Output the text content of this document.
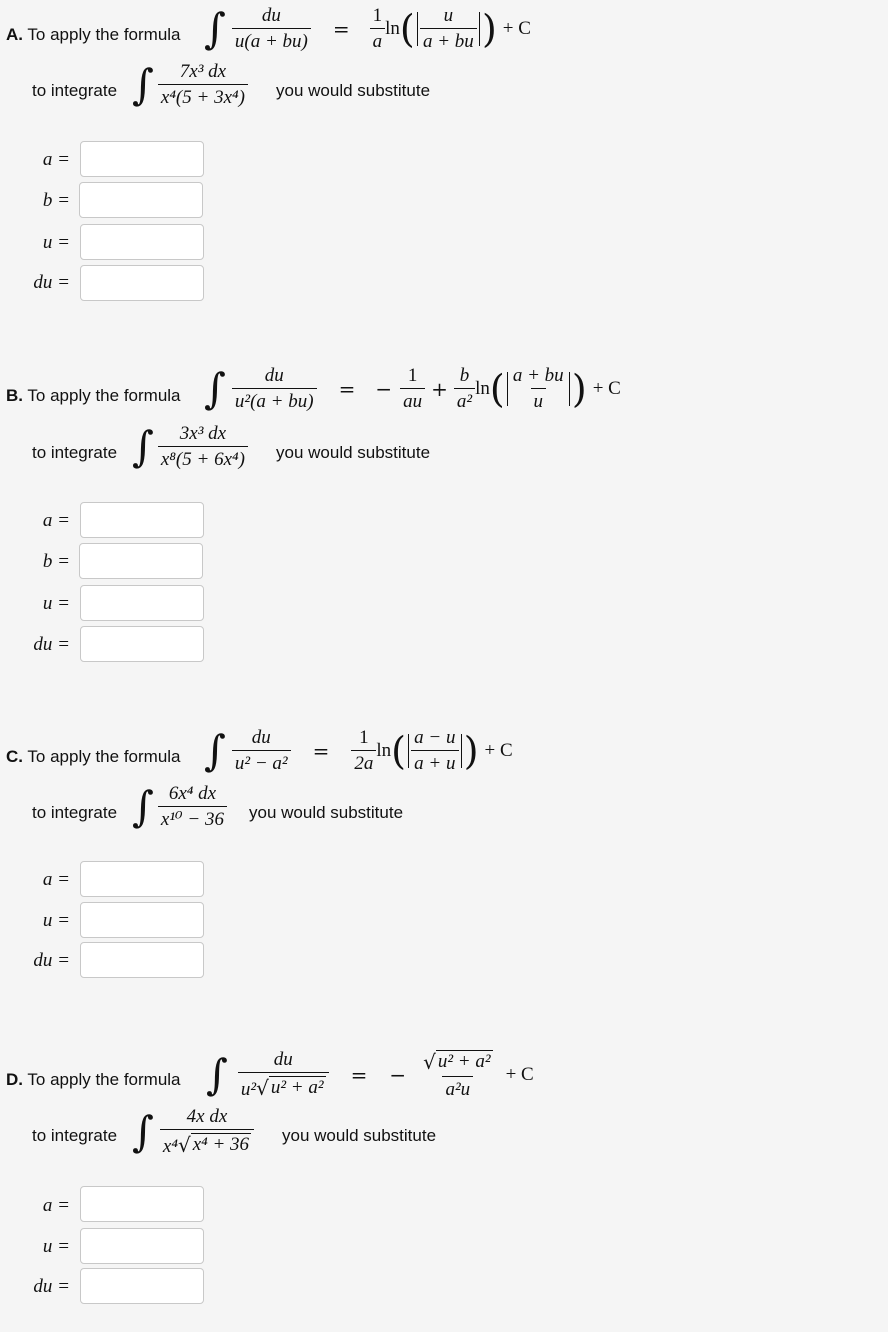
A. To apply the formula ∫ $\frac{du}{u(a + bu)} = \frac{1}{a}$ ln ( $\frac{u}{a + bu}$ ) + C
to integrate ∫ $\frac{\text{7x³ dx}}{\text{x⁴(5 + 3x⁴)}}$ you would substitute
a =
b =
u =
du =
B. To apply the formula ∫ $\frac{du}{\text{u²(a + bu)}}$ = − $\frac{1}{au} + \frac{b}{\text{a²}}$ ln ( $\frac{a + bu}{u}$ ) + C
to integrate ∫ $\frac{\text{3x³ dx}}{\text{x⁸(5 + 6x⁴)}}$ you would substitute
a =
b =
u =
du =
C. To apply the formula ∫ $\frac{du}{\text{u² − a²}} = \frac{1}{2a}$ ln ( $\frac{a - u}{a + u}$ ) + C
to integrate ∫ $\frac{\text{6x⁴ dx}}{\text{x¹⁰ − 36}}$ you would substitute
a =
u =
du =
D. To apply the formula ∫ $\frac{du}{\text{u² √ u² + a²}}$ = − $\frac{\text{√ u² + a²}}{\text{a²u}} + C$
to integrate ∫ $\frac{\text{4x dx}}{\text{x⁴ √ x⁴ + 36}}$ you would substitute
a =
u =
du =
